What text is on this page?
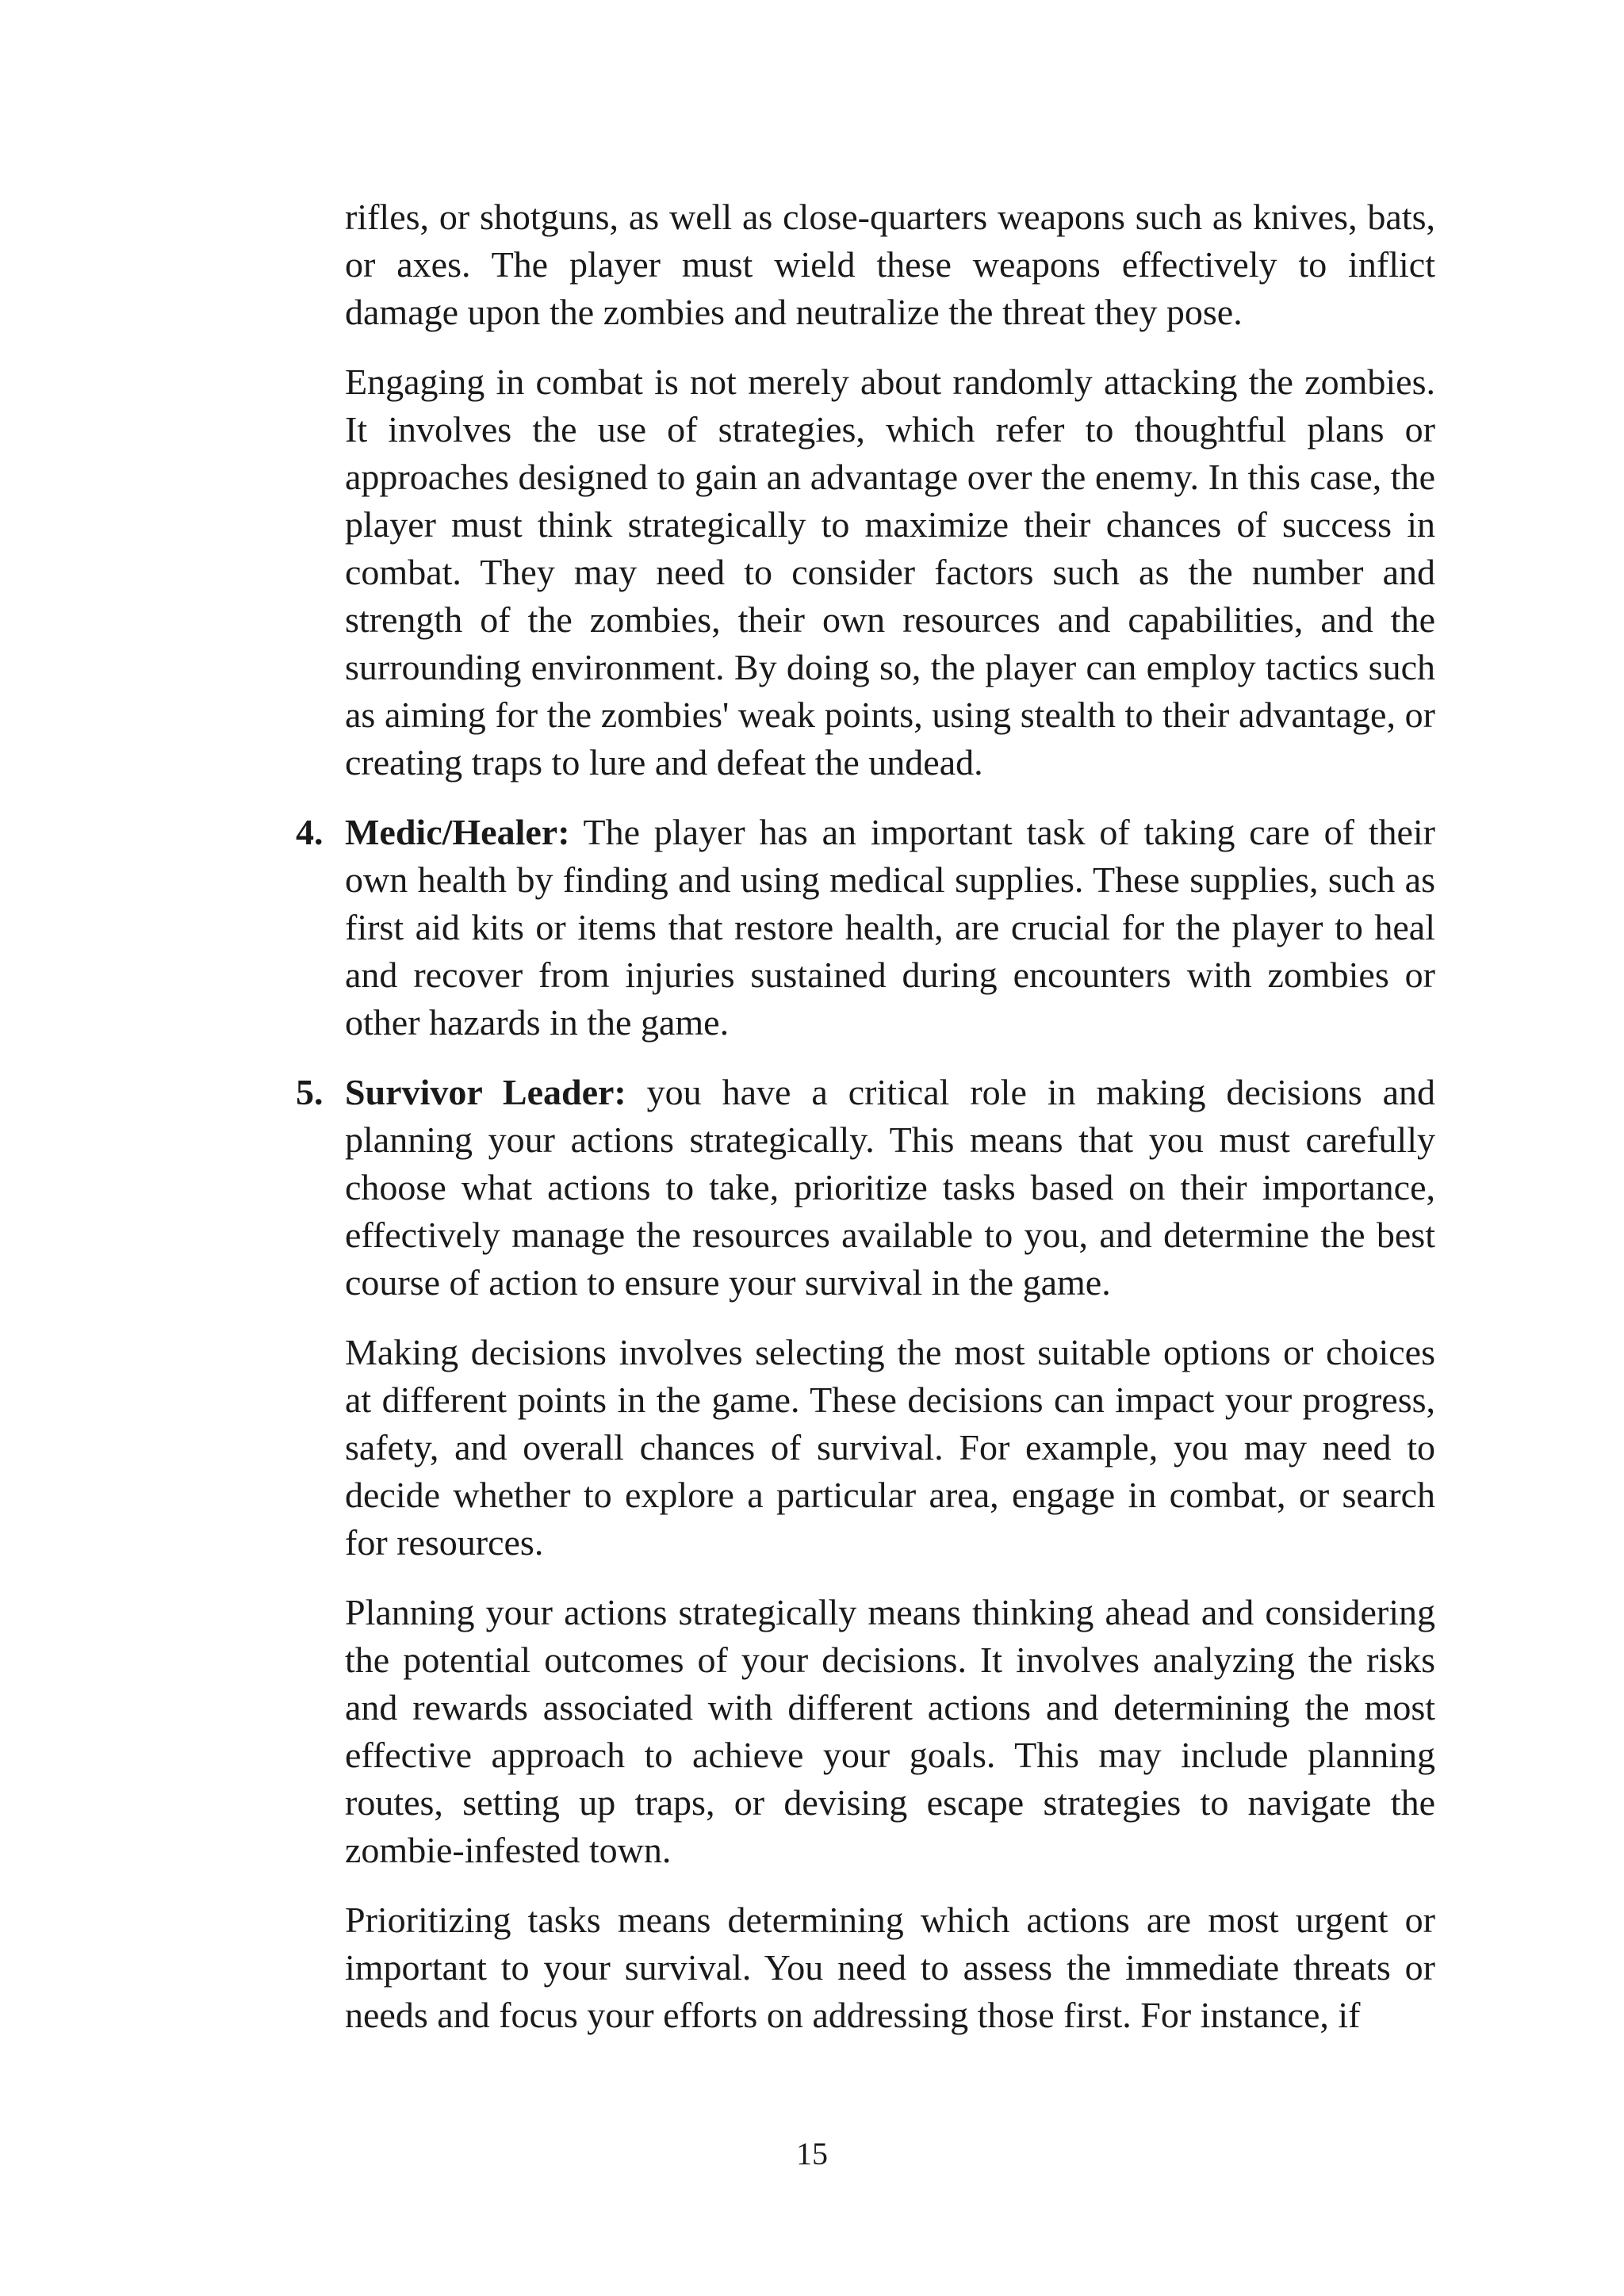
rifles, or shotguns, as well as close-quarters weapons such as knives, bats, or axes. The player must wield these weapons effectively to inflict damage upon the zombies and neutralize the threat they pose.

Engaging in combat is not merely about randomly attacking the zombies. It involves the use of strategies, which refer to thoughtful plans or approaches designed to gain an advantage over the enemy. In this case, the player must think strategically to maximize their chances of success in combat. They may need to consider factors such as the number and strength of the zombies, their own resources and capabilities, and the surrounding environment. By doing so, the player can employ tactics such as aiming for the zombies' weak points, using stealth to their advantage, or creating traps to lure and defeat the undead.

4. Medic/Healer: The player has an important task of taking care of their own health by finding and using medical supplies. These supplies, such as first aid kits or items that restore health, are crucial for the player to heal and recover from injuries sustained during encounters with zombies or other hazards in the game.

5. Survivor Leader: you have a critical role in making decisions and planning your actions strategically. This means that you must carefully choose what actions to take, prioritize tasks based on their importance, effectively manage the resources available to you, and determine the best course of action to ensure your survival in the game.

Making decisions involves selecting the most suitable options or choices at different points in the game. These decisions can impact your progress, safety, and overall chances of survival. For example, you may need to decide whether to explore a particular area, engage in combat, or search for resources.

Planning your actions strategically means thinking ahead and considering the potential outcomes of your decisions. It involves analyzing the risks and rewards associated with different actions and determining the most effective approach to achieve your goals. This may include planning routes, setting up traps, or devising escape strategies to navigate the zombie-infested town.

Prioritizing tasks means determining which actions are most urgent or important to your survival. You need to assess the immediate threats or needs and focus your efforts on addressing those first. For instance, if

15
